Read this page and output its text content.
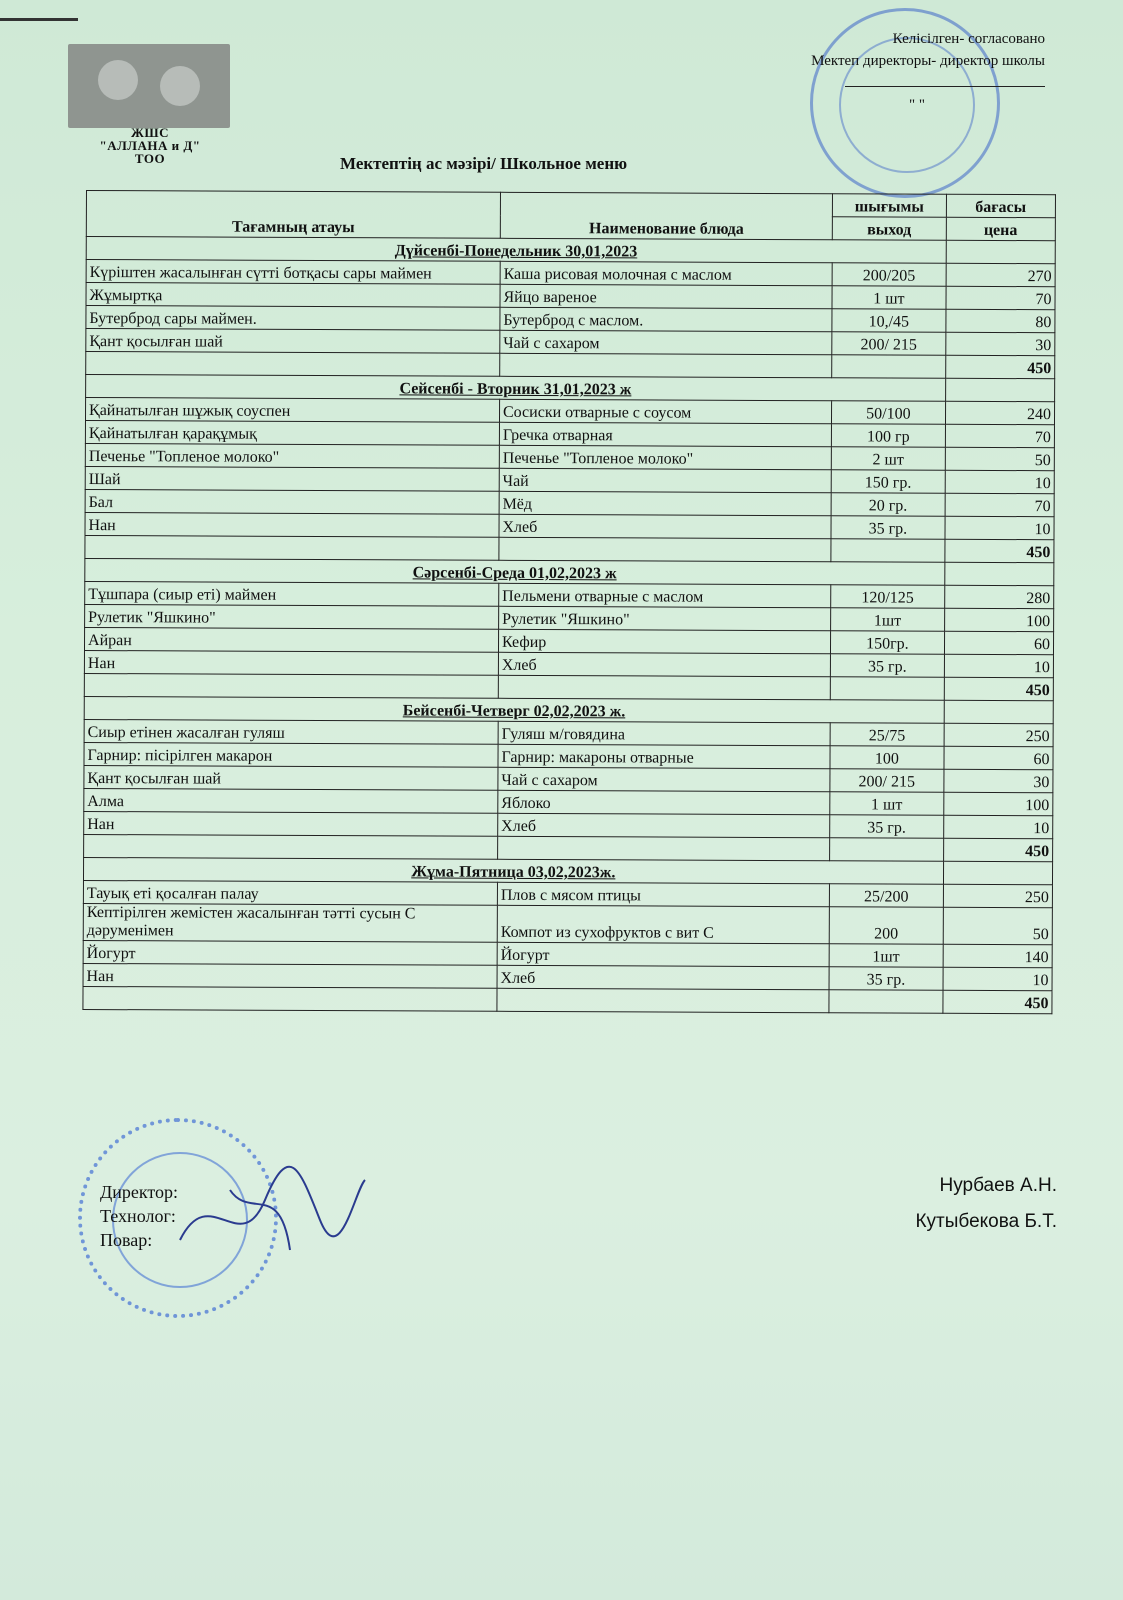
ЖШС
"АЛЛАНА и Д"
ТОО
Келісілген- согласовано
Мектеп директоры- директор школы
" "
Мектептің ас мәзірі/ Школьное меню
Тағамның атауы	Наименование блюда	шығымы	бағасы
		выход	цена
Дүйсенбі-Понедельник 30,01,2023			
Күріштен жасалынған сүтті ботқасы сары маймен	Каша рисовая молочная с маслом	200/205	270
Жұмыртқа	Яйцо вареное	1 шт	70
Бутерброд сары маймен.	Бутерброд с маслом.	10,/45	80
Қант қосылған шай	Чай с сахаром	200/ 215	30
			450
Сейсенбі - Вторник 31,01,2023 ж			
Қайнатылған шұжық соуспен	Сосиски отварные с соусом	50/100	240
Қайнатылған қарақұмық	Гречка отварная	100 гр	70
Печенье "Топленое молоко"	Печенье "Топленое молоко"	2 шт	50
Шай	Чай	150 гр.	10
Бал	Мёд	20 гр.	70
Нан	Хлеб	35 гр.	10
			450
Сәрсенбі-Среда 01,02,2023 ж			
Тұшпара (сиыр еті) маймен	Пельмени отварные с маслом	120/125	280
Рулетик "Яшкино"	Рулетик "Яшкино"	1шт	100
Айран	Кефир	150гр.	60
Нан	Хлеб	35 гр.	10
			450
Бейсенбі-Четверг 02,02,2023 ж.			
Сиыр етінен жасалған гуляш	Гуляш м/говядина	25/75	250
Гарнир: пісірілген макарон	Гарнир: макароны отварные	100	60
Қант қосылған шай	Чай с сахаром	200/ 215	30
Алма	Яблоко	1 шт	100
Нан	Хлеб	35 гр.	10
			450
Жұма-Пятница 03,02,2023ж.			
Тауық еті қосалған палау	Плов с мясом птицы	25/200	250
Кептірілген жемістен жасалынған тәтті сусын С дәруменімен	Компот из сухофруктов с вит С	200	50
Йогурт	Йогурт	1шт	140
Нан	Хлеб	35 гр.	10
			450
Директор:
Технолог:
Повар:
Нурбаев А.Н.
Кутыбекова Б.Т.
